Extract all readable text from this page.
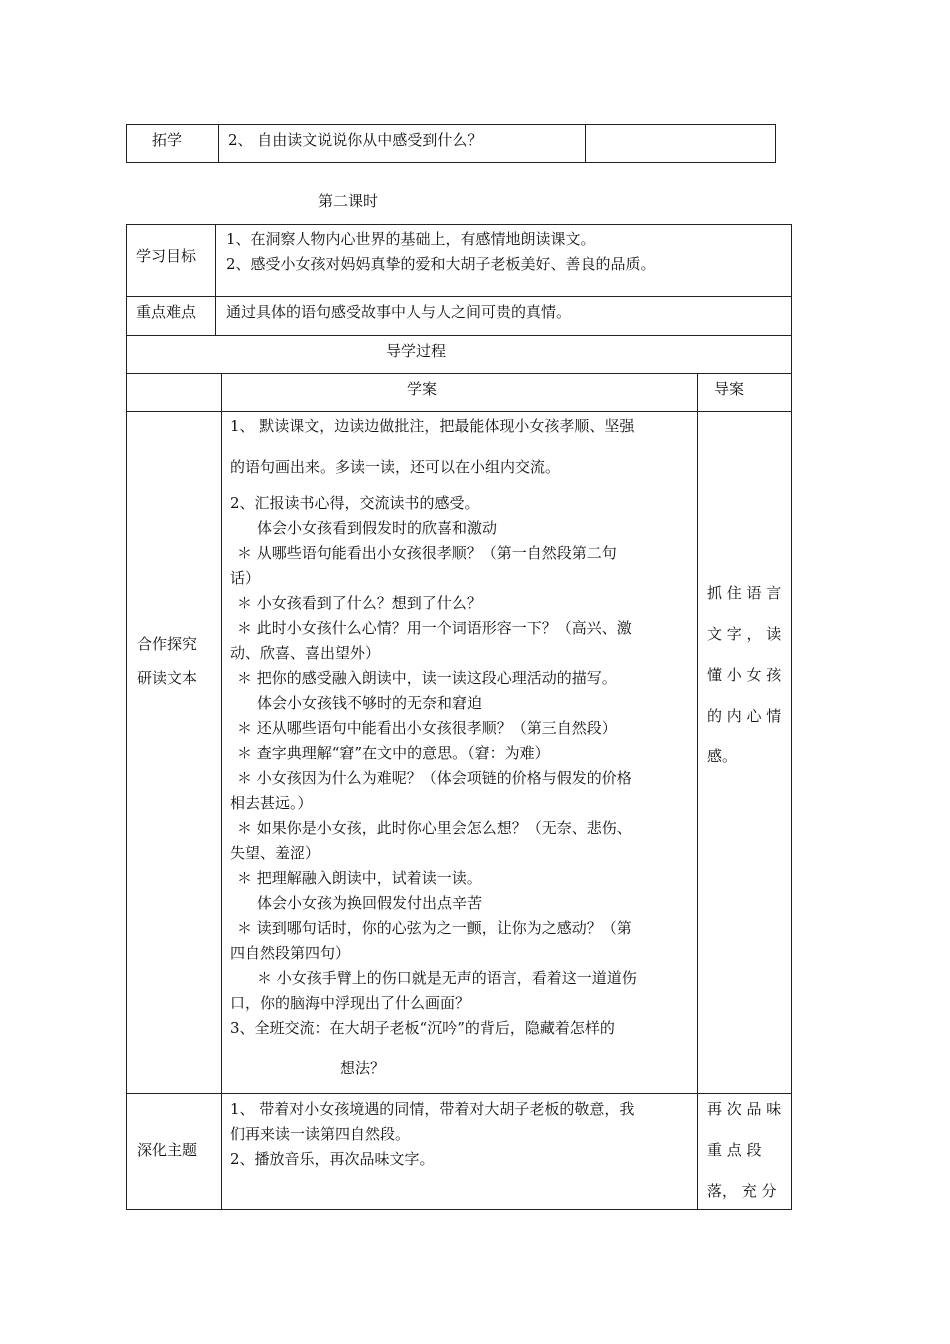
拓学	2、 自由读文说说你从中感受到什么？
第二课时
学习目标
1、在洞察人物内心世界的基础上，有感情地朗读课文。
2、感受小女孩对妈妈真挚的爱和大胡子老板美好、善良的品质。
重点难点 通过具体的语句感受故事中人与人之间可贵的真情。
导学过程
学案	导案
合作探究
研读文本
1、 默读课文，边读边做批注，把最能体现小女孩孝顺、坚强
的语句画出来。多读一读，还可以在小组内交流。
2、汇报读书心得，交流读书的感受。
体会小女孩看到假发时的欣喜和激动
＊ 从哪些语句能看出小女孩很孝顺？（第一自然段第二句
话）
＊ 小女孩看到了什么？想到了什么？
＊ 此时小女孩什么心情？用一个词语形容一下？（高兴、激
动、欣喜、喜出望外）
＊ 把你的感受融入朗读中，读一读这段心理活动的描写。
体会小女孩钱不够时的无奈和窘迫
＊ 还从哪些语句中能看出小女孩很孝顺？（第三自然段）
＊ 查字典理解“窘”在文中的意思。（窘：为难）
＊ 小女孩因为什么为难呢？（体会项链的价格与假发的价格
相去甚远。）
＊ 如果你是小女孩，此时你心里会怎么想？（无奈、悲伤、
失望、羞涩）
＊ 把理解融入朗读中，试着读一读。
体会小女孩为换回假发付出点辛苦
＊ 读到哪句话时，你的心弦为之一颤，让你为之感动？（第
四自然段第四句）
＊ 小女孩手臂上的伤口就是无声的语言，看着这一道道伤
口，你的脑海中浮现出了什么画面？
3、全班交流：在大胡子老板“沉吟”的背后，隐藏着怎样的
想法？
抓 住 语 言
文 字 ， 读
懂 小 女 孩
的 内 心 情
感。
深化主题
1、 带着对小女孩境遇的同情，带着对大胡子老板的敬意，我
们再来读一读第四自然段。
2、播放音乐，再次品味文字。
再 次 品 味
重 点 段
落， 充 分
